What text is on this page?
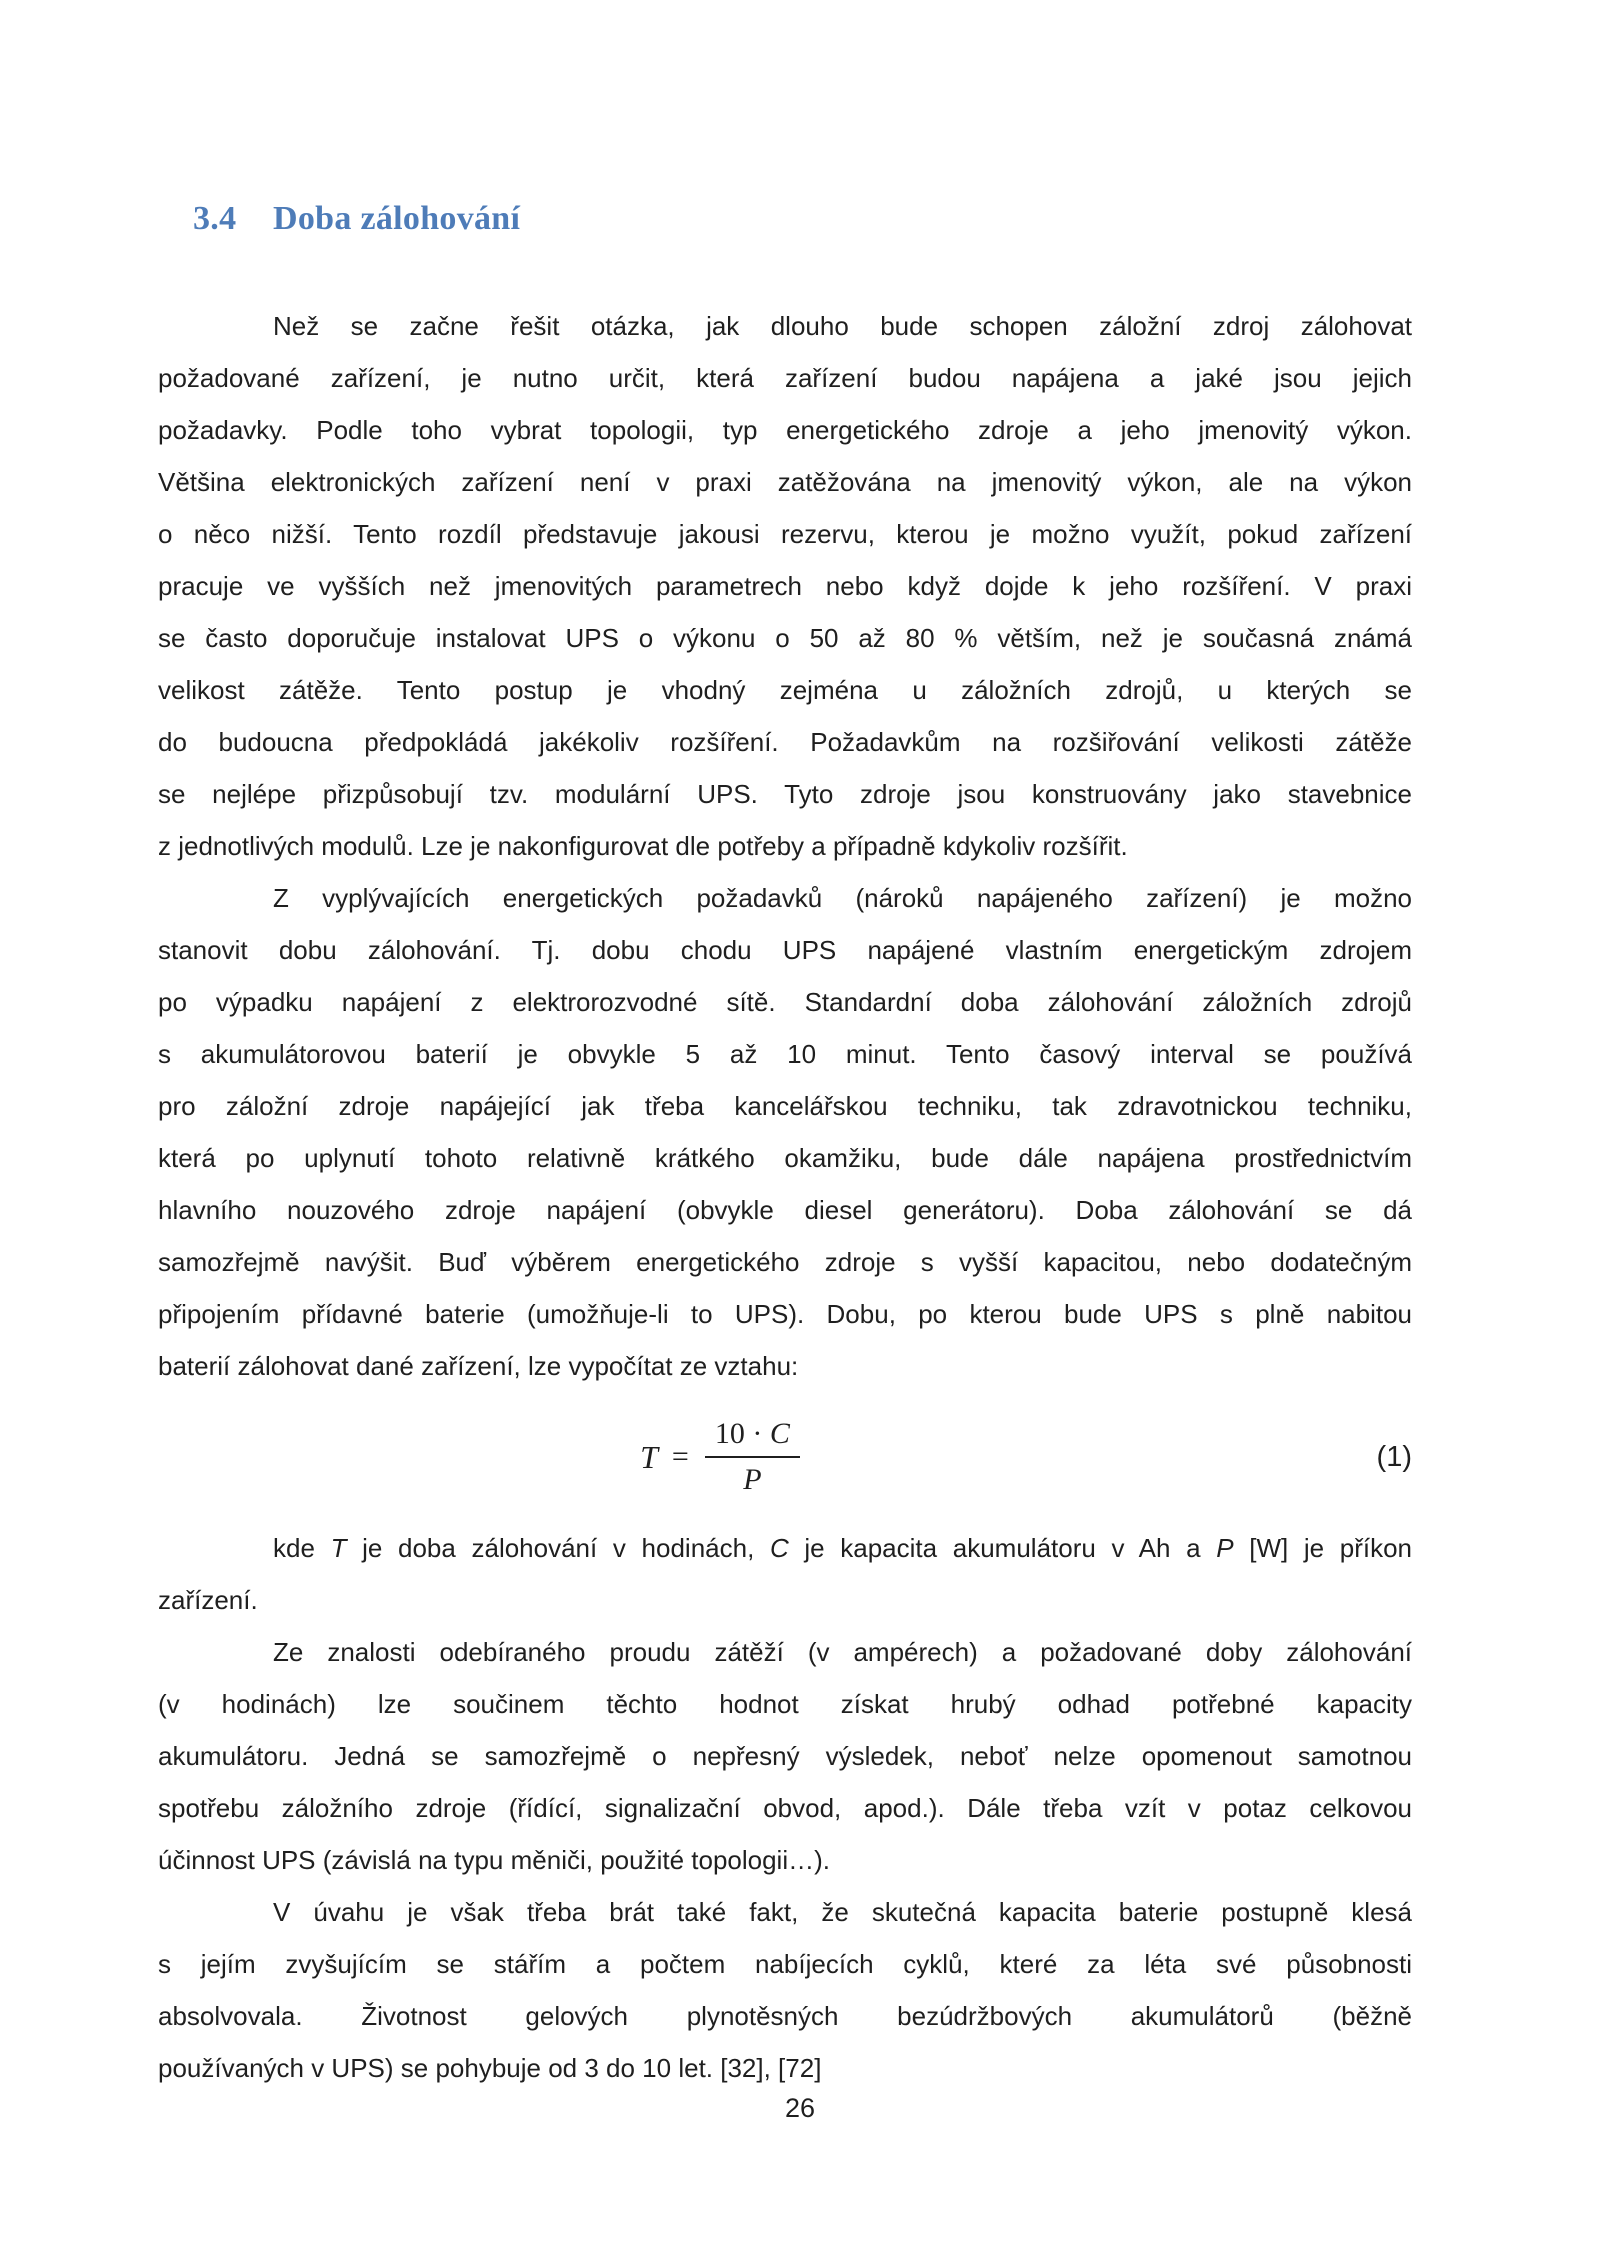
3.4 Doba zálohování
Než se začne řešit otázka, jak dlouho bude schopen záložní zdroj zálohovat
požadované zařízení, je nutno určit, která zařízení budou napájena a jaké jsou jejich
požadavky. Podle toho vybrat topologii, typ energetického zdroje a jeho jmenovitý výkon.
Většina elektronických zařízení není v praxi zatěžována na jmenovitý výkon, ale na výkon
o něco nižší. Tento rozdíl představuje jakousi rezervu, kterou je možno využít, pokud zařízení
pracuje ve vyšších než jmenovitých parametrech nebo když dojde k jeho rozšíření. V praxi
se často doporučuje instalovat UPS o výkonu o 50 až 80 % větším, než je současná známá
velikost zátěže. Tento postup je vhodný zejména u záložních zdrojů, u kterých se
do budoucna předpokládá jakékoliv rozšíření. Požadavkům na rozšiřování velikosti zátěže
se nejlépe přizpůsobují tzv. modulární UPS. Tyto zdroje jsou konstruovány jako stavebnice
z jednotlivých modulů. Lze je nakonfigurovat dle potřeby a případně kdykoliv rozšířit.
Z vyplývajících energetických požadavků (nároků napájeného zařízení) je možno
stanovit dobu zálohování. Tj. dobu chodu UPS napájené vlastním energetickým zdrojem
po výpadku napájení z elektrorozvodné sítě. Standardní doba zálohování záložních zdrojů
s akumulátorovou baterií je obvykle 5 až 10 minut. Tento časový interval se používá
pro záložní zdroje napájející jak třeba kancelářskou techniku, tak zdravotnickou techniku,
která po uplynutí tohoto relativně krátkého okamžiku, bude dále napájena prostřednictvím
hlavního nouzového zdroje napájení (obvykle diesel generátoru). Doba zálohování se dá
samozřejmě navýšit. Buď výběrem energetického zdroje s vyšší kapacitou, nebo dodatečným
připojením přídavné baterie (umožňuje-li to UPS). Dobu, po kterou bude UPS s plně nabitou
baterií zálohovat dané zařízení, lze vypočítat ze vztahu:
$T = \frac{10 \cdot C}{P}$	(1)
kde T je doba zálohování v hodinách, C je kapacita akumulátoru v Ah a P [W] je příkon
zařízení.
Ze znalosti odebíraného proudu zátěží (v ampérech) a požadované doby zálohování
(v hodinách) lze součinem těchto hodnot získat hrubý odhad potřebné kapacity
akumulátoru. Jedná se samozřejmě o nepřesný výsledek, neboť nelze opomenout samotnou
spotřebu záložního zdroje (řídící, signalizační obvod, apod.). Dále třeba vzít v potaz celkovou
účinnost UPS (závislá na typu měniči, použité topologii…).
V úvahu je však třeba brát také fakt, že skutečná kapacita baterie postupně klesá
s jejím zvyšujícím se stářím a počtem nabíjecích cyklů, které za léta své působnosti
absolvovala. Životnost gelových plynotěsných bezúdržbových akumulátorů (běžně
používaných v UPS) se pohybuje od 3 do 10 let. [32], [72]
26
